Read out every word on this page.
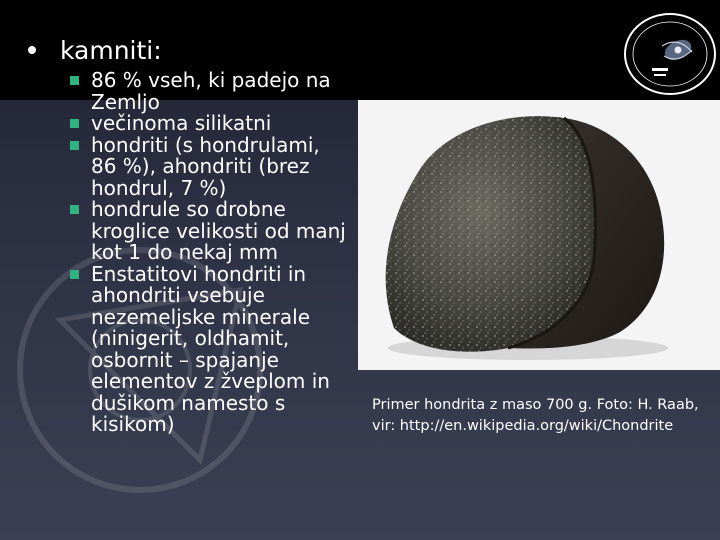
kamniti:
86 % vseh, ki padejo na Zemljo
večinoma silikatni
hondriti (s hondrulami, 86 %), ahondriti (brez hondrul, 7 %)
hondrule so drobne kroglice velikosti od manj kot 1 do nekaj mm
Enstatitovi hondriti in ahondriti vsebuje nezemeljske minerale (ninigerit, oldhamit, osbornit – spajanje elementov z žveplom in dušikom namesto s kisikom)
Primer hondrita z maso 700 g. Foto: H. Raab, vir: http://en.wikipedia.org/wiki/Chondrite
